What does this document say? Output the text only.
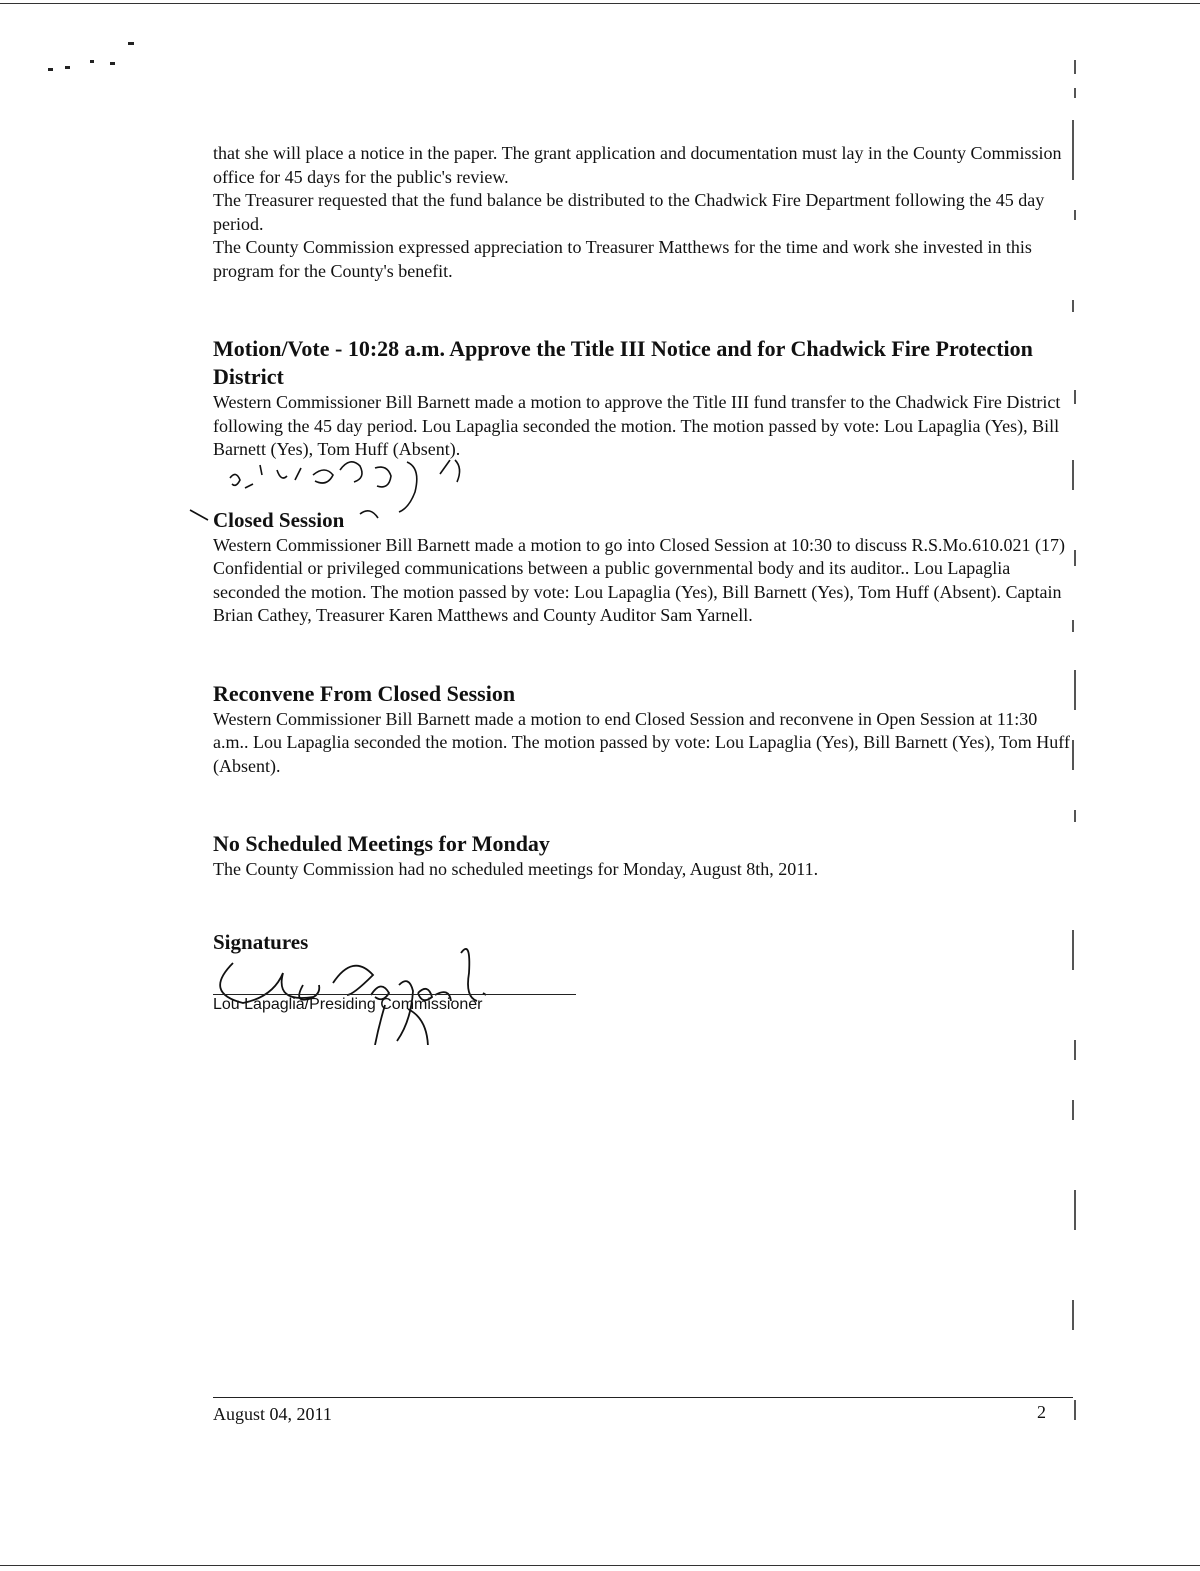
that she will place a notice in the paper. The grant application and documentation must lay in the County Commission office for 45 days for the public's review.

The Treasurer requested that the fund balance be distributed to the Chadwick Fire Department following the 45 day period.

The County Commission expressed appreciation to Treasurer Matthews for the time and work she invested in this program for the County's benefit.

Motion/Vote - 10:28 a.m. Approve the Title III Notice and for Chadwick Fire Protection District

Western Commissioner Bill Barnett made a motion to approve the Title III fund transfer to the Chadwick Fire District following the 45 day period. Lou Lapaglia seconded the motion. The motion passed by vote: Lou Lapaglia (Yes), Bill Barnett (Yes), Tom Huff (Absent).

Closed Session

Western Commissioner Bill Barnett made a motion to go into Closed Session at 10:30 to discuss R.S.Mo.610.021 (17) Confidential or privileged communications between a public governmental body and its auditor.. Lou Lapaglia seconded the motion. The motion passed by vote: Lou Lapaglia (Yes), Bill Barnett (Yes), Tom Huff (Absent). Captain Brian Cathey, Treasurer Karen Matthews and County Auditor Sam Yarnell.

Reconvene From Closed Session

Western Commissioner Bill Barnett made a motion to end Closed Session and reconvene in Open Session at 11:30 a.m.. Lou Lapaglia seconded the motion. The motion passed by vote: Lou Lapaglia (Yes), Bill Barnett (Yes), Tom Huff (Absent).

No Scheduled Meetings for Monday

The County Commission had no scheduled meetings for Monday, August 8th, 2011.

Signatures
Lou Lapaglia/Presiding Commissioner
August 04, 2011	2
